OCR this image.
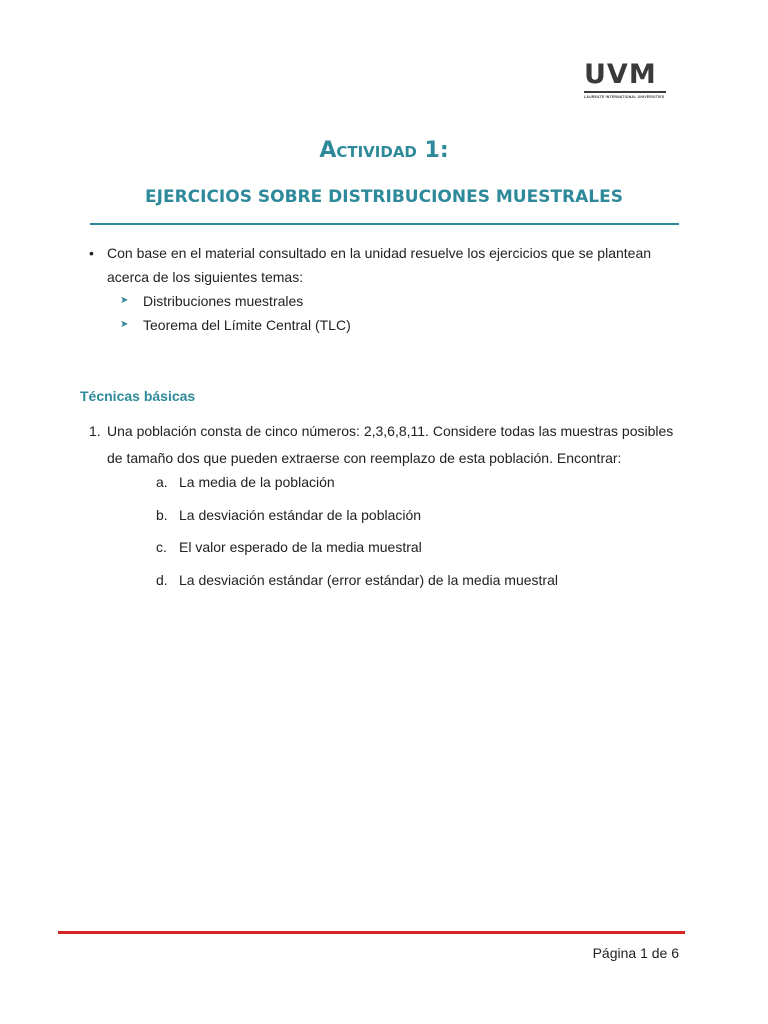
UVM
LAUREATE INTERNATIONAL UNIVERSITIES
Actividad 1:
EJERCICIOS SOBRE DISTRIBUCIONES MUESTRALES
• Con base en el material consultado en la unidad resuelve los ejercicios que se plantean acerca de los siguientes temas:
➤	Distribuciones muestrales
➤	Teorema del Límite Central (TLC)
Técnicas básicas
1. Una población consta de cinco números: 2,3,6,8,11. Considere todas las muestras posibles de tamaño dos que pueden extraerse con reemplazo de esta población. Encontrar:
a. La media de la población
b. La desviación estándar de la población
c. El valor esperado de la media muestral
d. La desviación estándar (error estándar) de la media muestral
Página 1 de 6
